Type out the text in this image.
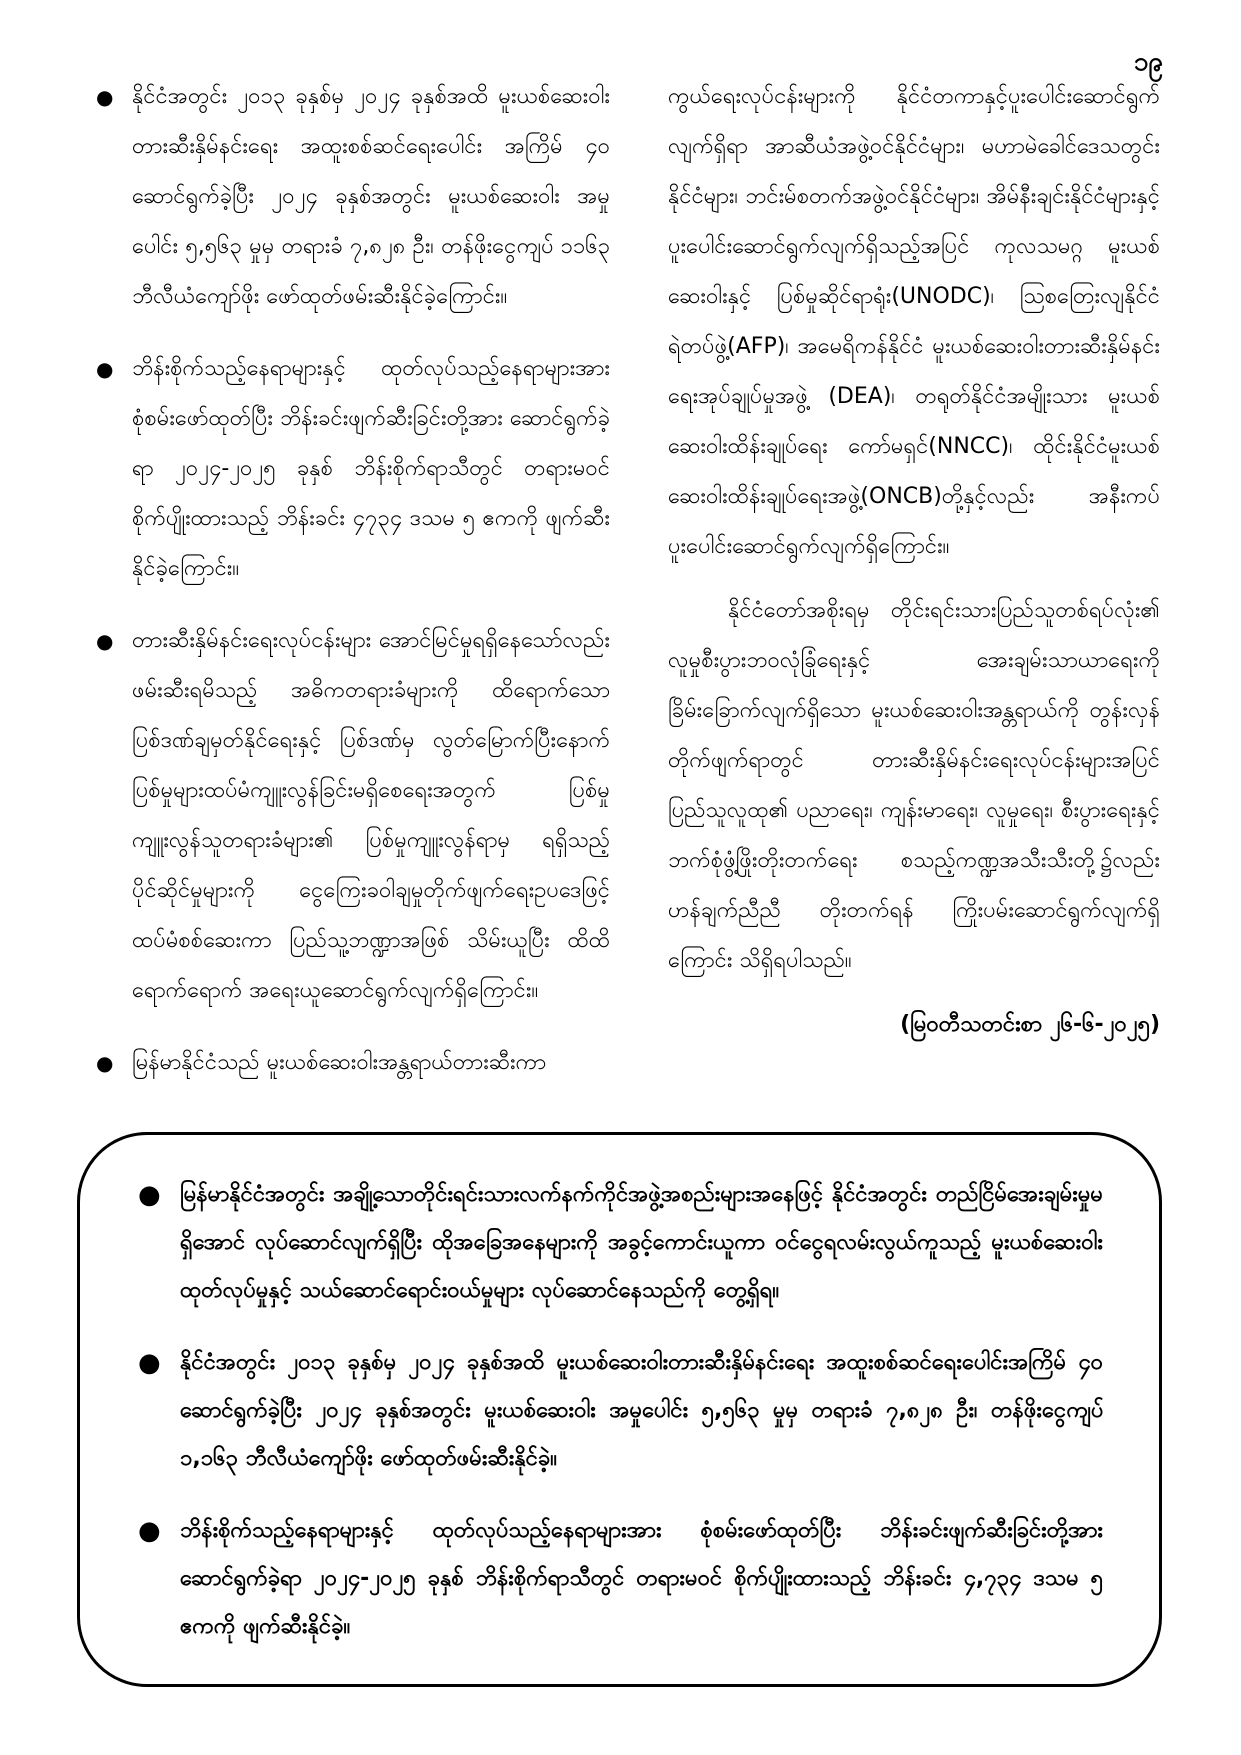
၁၉
● နိုင်ငံအတွင်း ၂၀၁၃ ခုနှစ်မှ ၂၀၂၄ ခုနှစ်အထိ မူးယစ်ဆေးဝါးတားဆီးနှိမ်နင်းရေး အထူးစစ်ဆင်ရေးပေါင်း အကြိမ် ၄၀ ဆောင်ရွက်ခဲ့ပြီး ၂၀၂၄ ခုနှစ်အတွင်း မူးယစ်ဆေးဝါး အမှုပေါင်း ၅,၅၆၃ မှုမှ တရားခံ ၇,၈၂၈ ဦး၊ တန်ဖိုးငွေကျပ် ၁၁၆၃ ဘီလီယံကျော်ဖိုး ဖော်ထုတ်ဖမ်းဆီးနိုင်ခဲ့ကြောင်း။
● ဘိန်းစိုက်သည့်နေရာများနှင့် ထုတ်လုပ်သည့်နေရာများအား စုံစမ်းဖော်ထုတ်ပြီး ဘိန်းခင်းဖျက်ဆီးခြင်းတို့အား ဆောင်ရွက်ခဲ့ရာ ၂၀၂၄-၂၀၂၅ ခုနှစ် ဘိန်းစိုက်ရာသီတွင် တရားမဝင် စိုက်ပျိုးထားသည့် ဘိန်းခင်း ၄၇၃၄ ဒသမ ၅ ဧကကို ဖျက်ဆီးနိုင်ခဲ့ကြောင်း။
● တားဆီးနှိမ်နင်းရေးလုပ်ငန်းများ အောင်မြင်မှုရရှိနေသော်လည်း ဖမ်းဆီးရမိသည့် အဓိကတရားခံများကို ထိရောက်သော ပြစ်ဒဏ်ချမှတ်နိုင်ရေးနှင့် ပြစ်ဒဏ်မှ လွတ်မြောက်ပြီးနောက် ပြစ်မှုများထပ်မံကျူးလွန်ခြင်းမရှိစေရေးအတွက် ပြစ်မှုကျူးလွန်သူတရားခံများ၏ ပြစ်မှုကျူးလွန်ရာမှ ရရှိသည့်ပိုင်ဆိုင်မှုများကို ငွေကြေးခဝါချမှုတိုက်ဖျက်ရေးဥပဒေဖြင့် ထပ်မံစစ်ဆေးကာ ပြည်သူ့ဘဏ္ဍာအဖြစ် သိမ်းယူပြီး ထိထိရောက်ရောက် အရေးယူဆောင်ရွက်လျက်ရှိကြောင်း။
● မြန်မာနိုင်ငံသည် မူးယစ်ဆေးဝါးအန္တရာယ်တားဆီးကာ

ကွယ်ရေးလုပ်ငန်းများကို နိုင်ငံတကာနှင့်ပူးပေါင်းဆောင်ရွက်လျက်ရှိရာ အာဆီယံအဖွဲ့ဝင်နိုင်ငံများ၊ မဟာမဲခေါင်ဒေသတွင်းနိုင်ငံများ၊ ဘင်းမ်စတက်အဖွဲ့ဝင်နိုင်ငံများ၊ အိမ်နီးချင်းနိုင်ငံများနှင့် ပူးပေါင်းဆောင်ရွက်လျက်ရှိသည့်အပြင် ကုလသမဂ္ဂ မူးယစ်ဆေးဝါးနှင့် ပြစ်မှုဆိုင်ရာရုံး(UNODC)၊ သြစတြေးလျနိုင်ငံ ရဲတပ်ဖွဲ့(AFP)၊ အမေရိကန်နိုင်ငံ မူးယစ်ဆေးဝါးတားဆီးနှိမ်နင်းရေးအုပ်ချုပ်မှုအဖွဲ့ (DEA)၊ တရုတ်နိုင်ငံအမျိုးသား မူးယစ်ဆေးဝါးထိန်းချုပ်ရေး ကော်မရှင်(NNCC)၊ ထိုင်းနိုင်ငံမူးယစ်ဆေးဝါးထိန်းချုပ်ရေးအဖွဲ့(ONCB)တို့နှင့်လည်း အနီးကပ်ပူးပေါင်းဆောင်ရွက်လျက်ရှိကြောင်း။

နိုင်ငံတော်အစိုးရမှ တိုင်းရင်းသားပြည်သူတစ်ရပ်လုံး၏ လူမှုစီးပွားဘဝလုံခြုံရေးနှင့် အေးချမ်းသာယာရေးကို ခြိမ်းခြောက်လျက်ရှိသော မူးယစ်ဆေးဝါးအန္တရာယ်ကို တွန်းလှန်တိုက်ဖျက်ရာတွင် တားဆီးနှိမ်နင်းရေးလုပ်ငန်းများအပြင် ပြည်သူလူထု၏ ပညာရေး၊ ကျန်းမာရေး၊ လူမှုရေး၊ စီးပွားရေးနှင့် ဘက်စုံဖွံ့ဖြိုးတိုးတက်ရေး စသည့်ကဏ္ဍအသီးသီးတို့၌လည်း ဟန်ချက်ညီညီ တိုးတက်ရန် ကြိုးပမ်းဆောင်ရွက်လျက်ရှိကြောင်း သိရှိရပါသည်။

(မြဝတီသတင်းစာ ၂၆-၆-၂၀၂၅)
● မြန်မာနိုင်ငံအတွင်း အချို့သောတိုင်းရင်းသားလက်နက်ကိုင်အဖွဲ့အစည်းများအနေဖြင့် နိုင်ငံအတွင်း တည်ငြိမ်အေးချမ်းမှုမရှိအောင် လုပ်ဆောင်လျက်ရှိပြီး ထိုအခြေအနေများကို အခွင့်ကောင်းယူကာ ဝင်ငွေရလမ်းလွယ်ကူသည့် မူးယစ်ဆေးဝါးထုတ်လုပ်မှုနှင့် သယ်ဆောင်ရောင်းဝယ်မှုများ လုပ်ဆောင်နေသည်ကို တွေ့ရှိရ။
● နိုင်ငံအတွင်း ၂၀၁၃ ခုနှစ်မှ ၂၀၂၄ ခုနှစ်အထိ မူးယစ်ဆေးဝါးတားဆီးနှိမ်နင်းရေး အထူးစစ်ဆင်ရေးပေါင်းအကြိမ် ၄၀ ဆောင်ရွက်ခဲ့ပြီး ၂၀၂၄ ခုနှစ်အတွင်း မူးယစ်ဆေးဝါး အမှုပေါင်း ၅,၅၆၃ မှုမှ တရားခံ ၇,၈၂၈ ဦး၊ တန်ဖိုးငွေကျပ် ၁,၁၆၃ ဘီလီယံကျော်ဖိုး ဖော်ထုတ်ဖမ်းဆီးနိုင်ခဲ့။
● ဘိန်းစိုက်သည့်နေရာများနှင့် ထုတ်လုပ်သည့်နေရာများအား စုံစမ်းဖော်ထုတ်ပြီး ဘိန်းခင်းဖျက်ဆီးခြင်းတို့အား ဆောင်ရွက်ခဲ့ရာ ၂၀၂၄-၂၀၂၅ ခုနှစ် ဘိန်းစိုက်ရာသီတွင် တရားမဝင် စိုက်ပျိုးထားသည့် ဘိန်းခင်း ၄,၇၃၄ ဒသမ ၅ ဧကကို ဖျက်ဆီးနိုင်ခဲ့။
